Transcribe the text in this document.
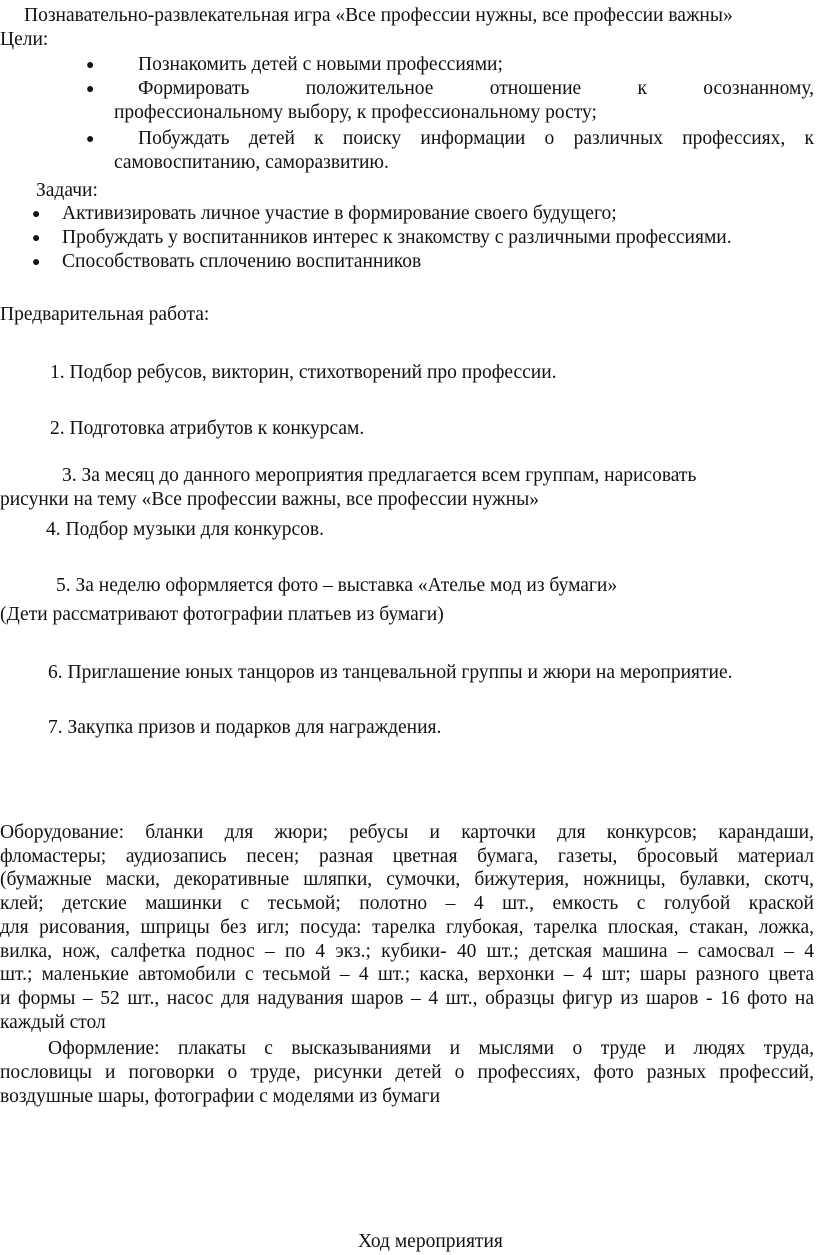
Познавательно-развлекательная игра «Все профессии нужны, все профессии важны»
Цели:
● Познакомить детей с новыми профессиями;
● Формировать положительное отношение к осознанному,
профессиональному выбору, к профессиональному росту;
● Побуждать детей к поиску информации о различных профессиях, к
самовоспитанию, саморазвитию.
Задачи:
● Активизировать личное участие в формирование своего будущего;
● Пробуждать у воспитанников интерес к знакомству с различными профессиями.
● Способствовать сплочению воспитанников
Предварительная работа:
1. Подбор ребусов, викторин, стихотворений про профессии.
2. Подготовка атрибутов к конкурсам.
3. За месяц до данного мероприятия предлагается всем группам, нарисовать
рисунки на тему «Все профессии важны, все профессии нужны»
4. Подбор музыки для конкурсов.
5. За неделю оформляется фото – выставка «Ателье мод из бумаги»
(Дети рассматривают фотографии платьев из бумаги)
6. Приглашение юных танцоров из танцевальной группы и жюри на мероприятие.
7. Закупка призов и подарков для награждения.
Оборудование: бланки для жюри; ребусы и карточки для конкурсов; карандаши,
фломастеры; аудиозапись песен; разная цветная бумага, газеты, бросовый материал
(бумажные маски, декоративные шляпки, сумочки, бижутерия, ножницы, булавки, скотч,
клей; детские машинки с тесьмой; полотно – 4 шт., емкость с голубой краской
для рисования, шприцы без игл; посуда: тарелка глубокая, тарелка плоская, стакан, ложка,
вилка, нож, салфетка поднос – по 4 экз.; кубики- 40 шт.; детская машина – самосвал – 4
шт.; маленькие автомобили с тесьмой – 4 шт.; каска, верхонки – 4 шт; шары разного цвета
и формы – 52 шт., насос для надувания шаров – 4 шт., образцы фигур из шаров - 16 фото на
каждый стол
Оформление: плакаты с высказываниями и мыслями о труде и людях труда,
пословицы и поговорки о труде, рисунки детей о профессиях, фото разных профессий,
воздушные шары, фотографии с моделями из бумаги
Ход мероприятия
